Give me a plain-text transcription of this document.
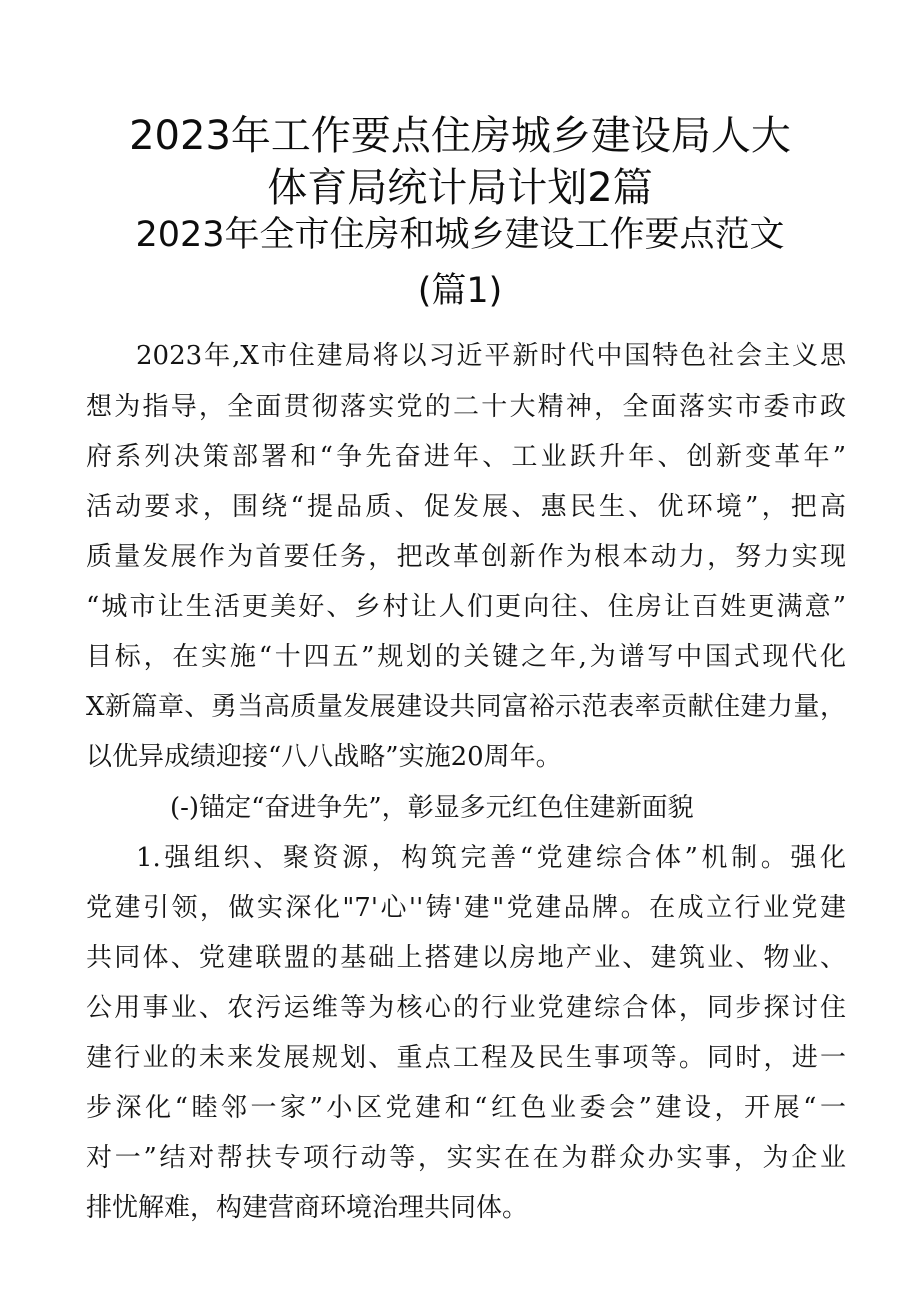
2023年工作要点住房城乡建设局人大
体育局统计局计划2篇
2023年全市住房和城乡建设工作要点范文
(篇1)
2023年,X市住建局将以习近平新时代中国特色社会主义思
想为指导，全面贯彻落实党的二十大精神，全面落实市委市政
府系列决策部署和“争先奋进年、工业跃升年、创新变革年”
活动要求，围绕“提品质、促发展、惠民生、优环境”，把高
质量发展作为首要任务，把改革创新作为根本动力，努力实现
“城市让生活更美好、乡村让人们更向往、住房让百姓更满意”
目标，在实施“十四五”规划的关键之年,为谱写中国式现代化
X新篇章、勇当高质量发展建设共同富裕示范表率贡献住建力量，
以优异成绩迎接“八八战略”实施20周年。
(-)锚定“奋进争先”，彰显多元红色住建新面貌
1.强组织、聚资源，构筑完善“党建综合体”机制。强化
党建引领，做实深化"7'心''铸'建"党建品牌。在成立行业党建
共同体、党建联盟的基础上搭建以房地产业、建筑业、物业、
公用事业、农污运维等为核心的行业党建综合体，同步探讨住
建行业的未来发展规划、重点工程及民生事项等。同时，进一
步深化“睦邻一家”小区党建和“红色业委会”建设，开展“一
对一”结对帮扶专项行动等，实实在在为群众办实事，为企业
排忧解难，构建营商环境治理共同体。
